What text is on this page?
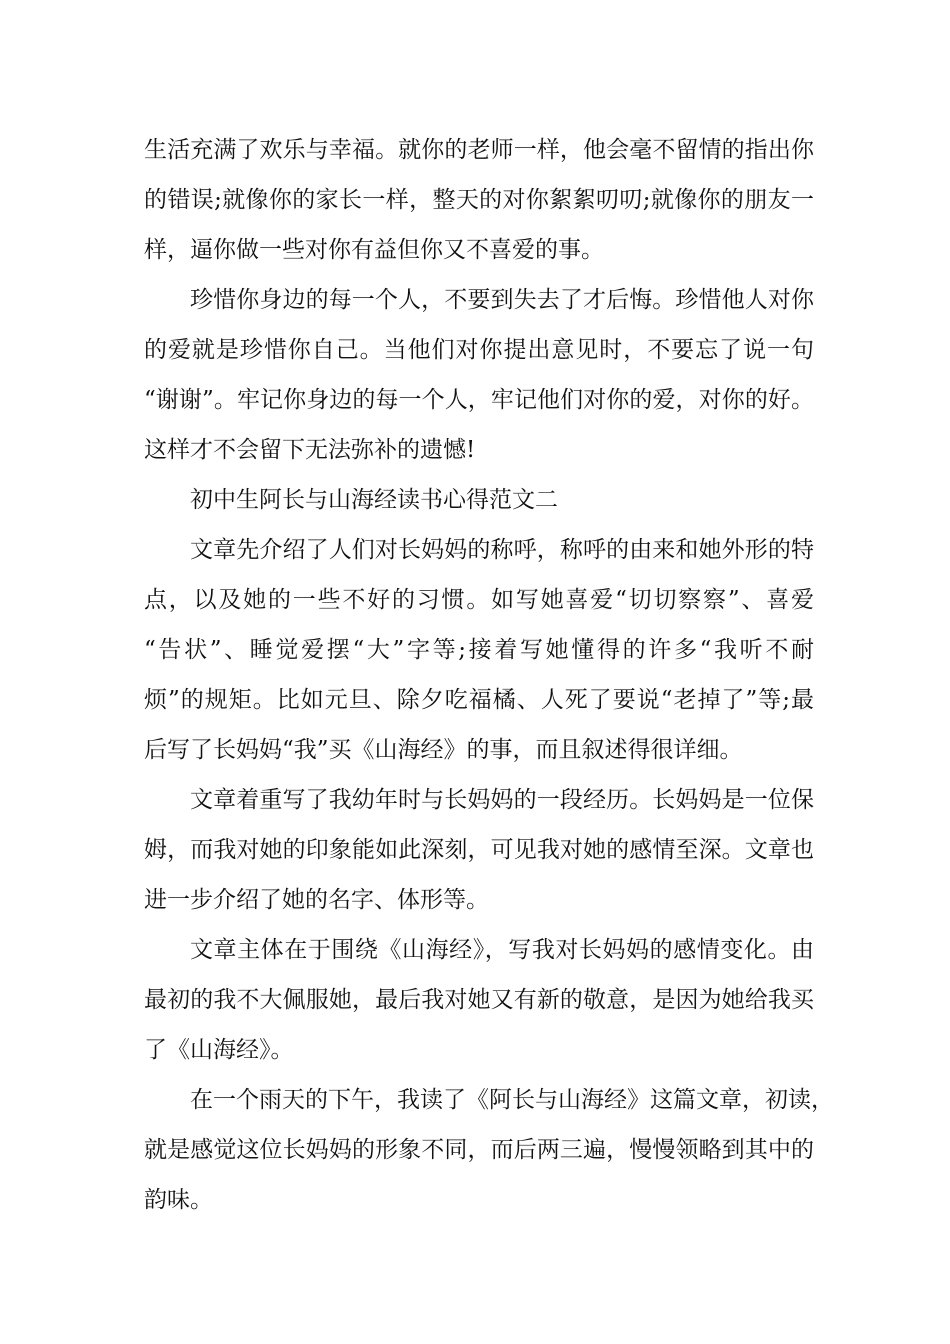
生活充满了欢乐与幸福。就你的老师一样，他会毫不留情的指出你
的错误;就像你的家长一样，整天的对你絮絮叨叨;就像你的朋友一
样，逼你做一些对你有益但你又不喜爱的事。
珍惜你身边的每一个人，不要到失去了才后悔。珍惜他人对你
的爱就是珍惜你自己。当他们对你提出意见时，不要忘了说一句
“谢谢”。牢记你身边的每一个人，牢记他们对你的爱，对你的好。
这样才不会留下无法弥补的遗憾!
初中生阿长与山海经读书心得范文二
文章先介绍了人们对长妈妈的称呼，称呼的由来和她外形的特
点，以及她的一些不好的习惯。如写她喜爱“切切察察”、喜爱
“告状”、睡觉爱摆“大”字等;接着写她懂得的许多“我听不耐
烦”的规矩。比如元旦、除夕吃福橘、人死了要说“老掉了”等;最
后写了长妈妈“我”买《山海经》的事，而且叙述得很详细。
文章着重写了我幼年时与长妈妈的一段经历。长妈妈是一位保
姆，而我对她的印象能如此深刻，可见我对她的感情至深。文章也
进一步介绍了她的名字、体形等。
文章主体在于围绕《山海经》，写我对长妈妈的感情变化。由
最初的我不大佩服她，最后我对她又有新的敬意，是因为她给我买
了《山海经》。
在一个雨天的下午，我读了《阿长与山海经》这篇文章，初读，
就是感觉这位长妈妈的形象不同，而后两三遍，慢慢领略到其中的
韵味。
